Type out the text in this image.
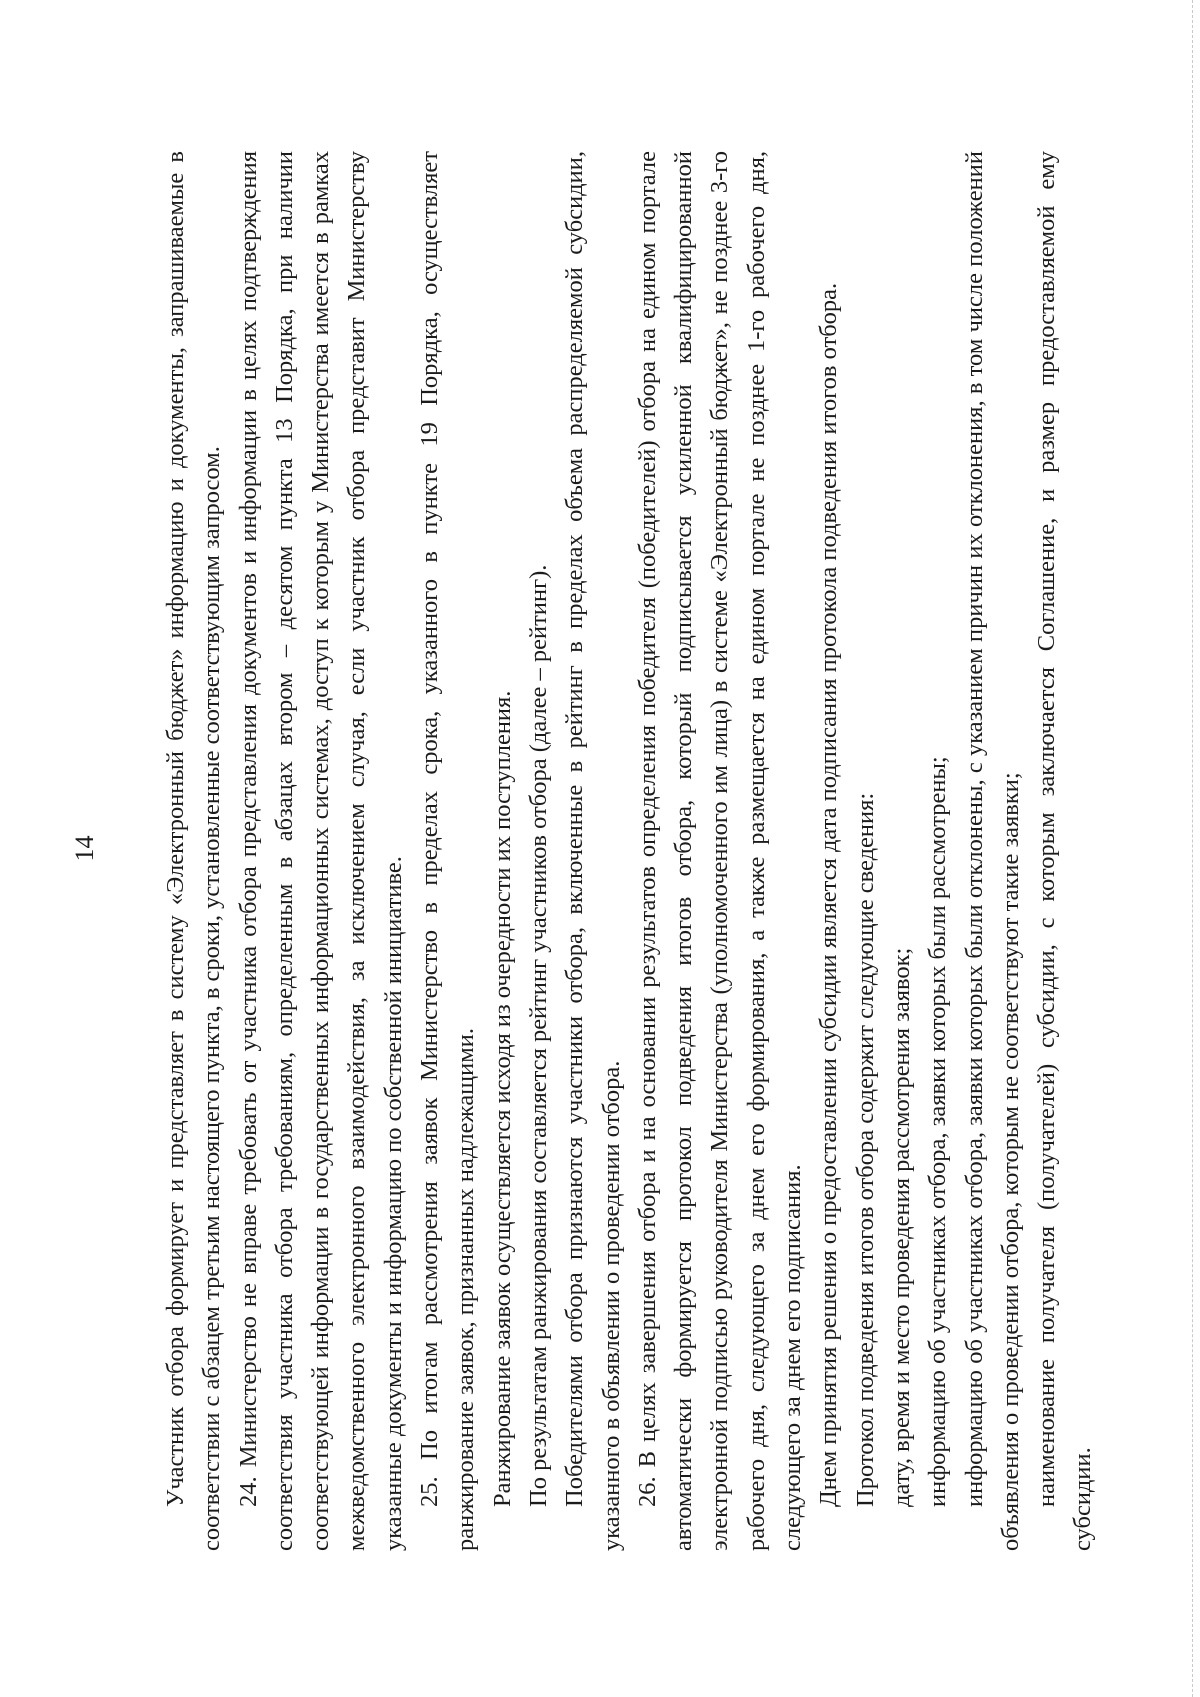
14	Участник отбора формирует и представляет в систему «Электронный бюджет» информацию и документы, запрашиваемые в соответствии с абзацем третьим настоящего пункта, в сроки, установленные соответствующим запросом. 24. Министерство не вправе требовать от участника отбора представления документов и информации в целях подтверждения соответствия участника отбора требованиям, определенным в абзацах втором – десятом пункта 13 Порядка, при наличии соответствующей информации в государственных информационных системах, доступ к которым у Министерства имеется в рамках межведомственного электронного взаимодействия, за исключением случая, если участник отбора представит Министерству указанные документы и информацию по собственной инициативе. 25. По итогам рассмотрения заявок Министерство в пределах срока, указанного в пункте 19 Порядка, осуществляет ранжирование заявок, признанных надлежащими. Ранжирование заявок осуществляется исходя из очередности их поступления. По результатам ранжирования составляется рейтинг участников отбора (далее – рейтинг). Победителями отбора признаются участники отбора, включенные в рейтинг в пределах объема распределяемой субсидии, указанного в объявлении о проведении отбора. 26. В целях завершения отбора и на основании результатов определения победителя (победителей) отбора на едином портале автоматически формируется протокол подведения итогов отбора, который подписывается усиленной квалифицированной электронной подписью руководителя Министерства (уполномоченного им лица) в системе «Электронный бюджет», не позднее 3-го рабочего дня, следующего за днем его формирования, а также размещается на едином портале не позднее 1-го рабочего дня, следующего за днем его подписания. Днем принятия решения о предоставлении субсидии является дата подписания протокола подведения итогов отбора. Протокол подведения итогов отбора содержит следующие сведения: дату, время и место проведения рассмотрения заявок; информацию об участниках отбора, заявки которых были рассмотрены; информацию об участниках отбора, заявки которых были отклонены, с указанием причин их отклонения, в том числе положений объявления о проведении отбора, которым не соответствуют такие заявки; наименование получателя (получателей) субсидии, с которым заключается Соглашение, и размер предоставляемой ему субсидии.
